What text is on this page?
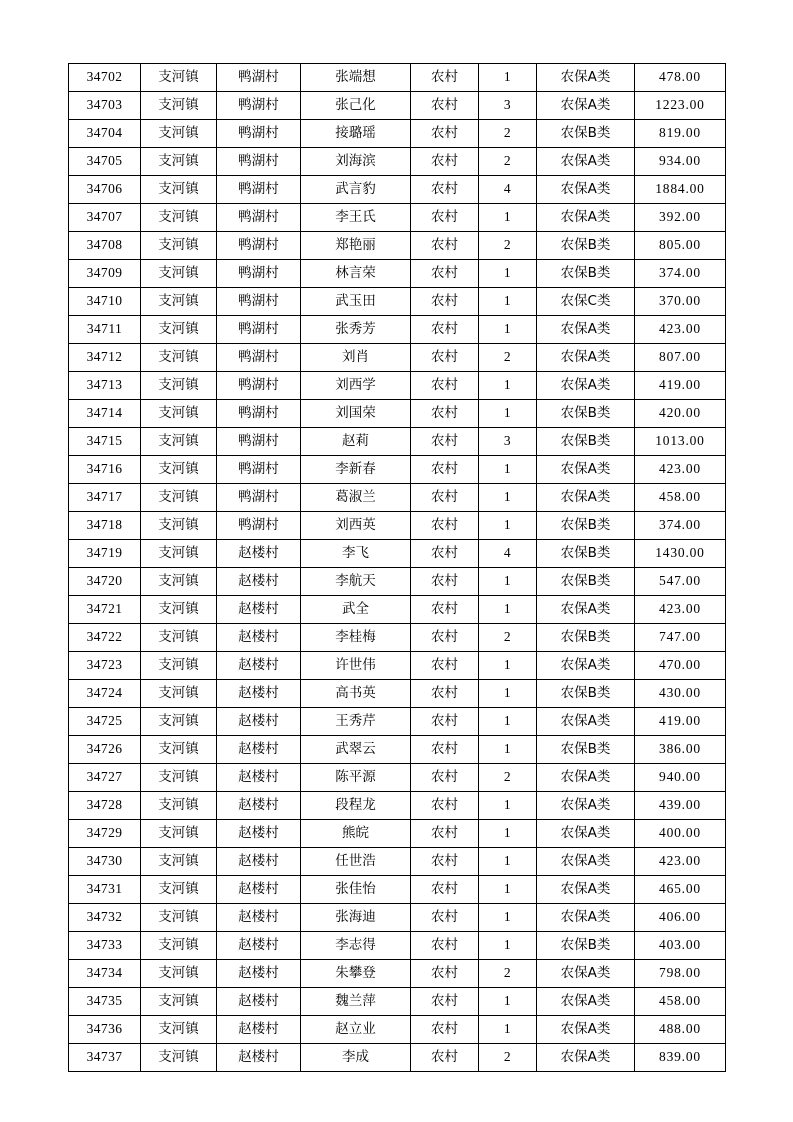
34702	支河镇	鸭湖村	张端想	农村	1	农保A类	478.00
34703	支河镇	鸭湖村	张己化	农村	3	农保A类	1223.00
34704	支河镇	鸭湖村	接璐瑶	农村	2	农保B类	819.00
34705	支河镇	鸭湖村	刘海滨	农村	2	农保A类	934.00
34706	支河镇	鸭湖村	武言豹	农村	4	农保A类	1884.00
34707	支河镇	鸭湖村	李王氏	农村	1	农保A类	392.00
34708	支河镇	鸭湖村	郑艳丽	农村	2	农保B类	805.00
34709	支河镇	鸭湖村	林言荣	农村	1	农保B类	374.00
34710	支河镇	鸭湖村	武玉田	农村	1	农保C类	370.00
34711	支河镇	鸭湖村	张秀芳	农村	1	农保A类	423.00
34712	支河镇	鸭湖村	刘肖	农村	2	农保A类	807.00
34713	支河镇	鸭湖村	刘西学	农村	1	农保A类	419.00
34714	支河镇	鸭湖村	刘国荣	农村	1	农保B类	420.00
34715	支河镇	鸭湖村	赵莉	农村	3	农保B类	1013.00
34716	支河镇	鸭湖村	李新春	农村	1	农保A类	423.00
34717	支河镇	鸭湖村	葛淑兰	农村	1	农保A类	458.00
34718	支河镇	鸭湖村	刘西英	农村	1	农保B类	374.00
34719	支河镇	赵楼村	李飞	农村	4	农保B类	1430.00
34720	支河镇	赵楼村	李航天	农村	1	农保B类	547.00
34721	支河镇	赵楼村	武全	农村	1	农保A类	423.00
34722	支河镇	赵楼村	李桂梅	农村	2	农保B类	747.00
34723	支河镇	赵楼村	许世伟	农村	1	农保A类	470.00
34724	支河镇	赵楼村	高书英	农村	1	农保B类	430.00
34725	支河镇	赵楼村	王秀芹	农村	1	农保A类	419.00
34726	支河镇	赵楼村	武翠云	农村	1	农保B类	386.00
34727	支河镇	赵楼村	陈平源	农村	2	农保A类	940.00
34728	支河镇	赵楼村	段程龙	农村	1	农保A类	439.00
34729	支河镇	赵楼村	熊皖	农村	1	农保A类	400.00
34730	支河镇	赵楼村	任世浩	农村	1	农保A类	423.00
34731	支河镇	赵楼村	张佳怡	农村	1	农保A类	465.00
34732	支河镇	赵楼村	张海迪	农村	1	农保A类	406.00
34733	支河镇	赵楼村	李志得	农村	1	农保B类	403.00
34734	支河镇	赵楼村	朱攀登	农村	2	农保A类	798.00
34735	支河镇	赵楼村	魏兰萍	农村	1	农保A类	458.00
34736	支河镇	赵楼村	赵立业	农村	1	农保A类	488.00
34737	支河镇	赵楼村	李成	农村	2	农保A类	839.00
